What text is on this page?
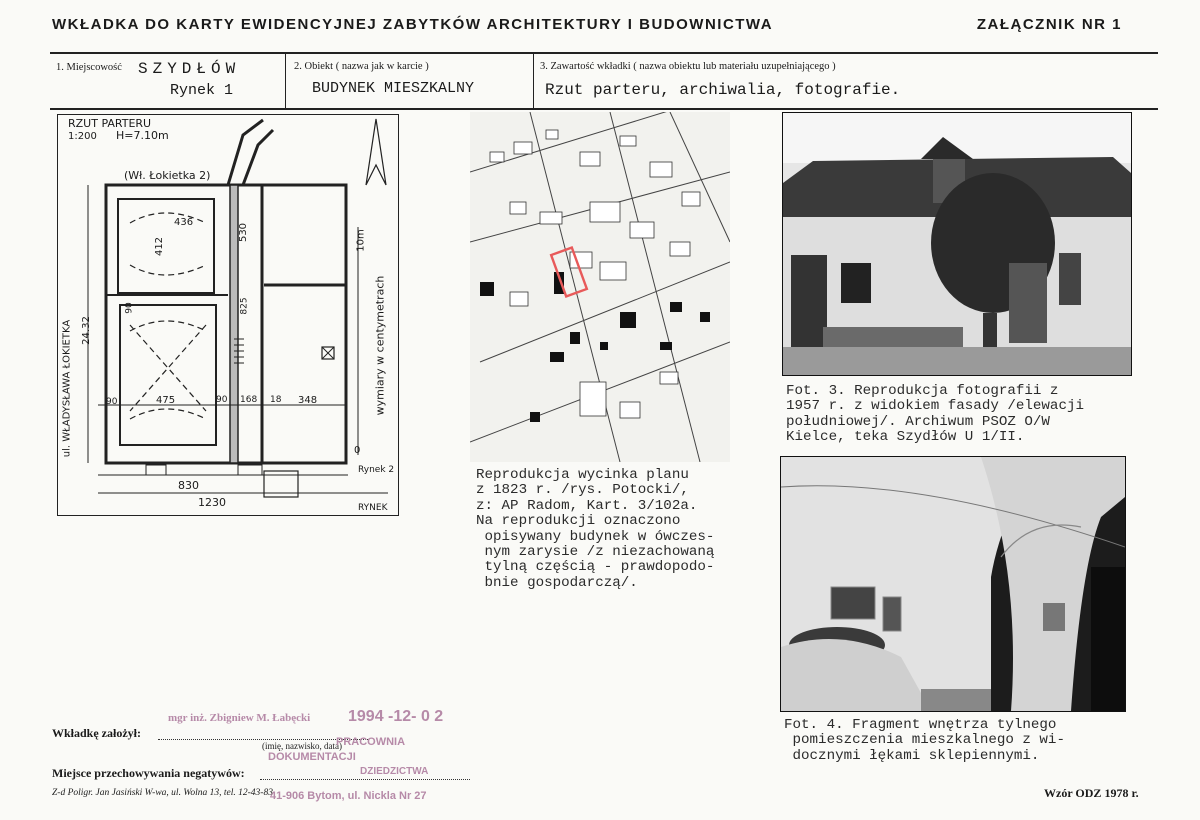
WKŁADKA DO KARTY EWIDENCYJNEJ ZABYTKÓW ARCHITEKTURY I BUDOWNICTWA	ZAŁĄCZNIK NR 1
1. Miejscowość SZYDŁÓW
Rynek 1
2. Obiekt ( nazwa jak w karcie )
BUDYNEK MIESZKALNY
3. Zawartość wkładki ( nazwa obiektu lub materiału uzupełniającego )
Rzut parteru, archiwalia, fotografie.
RZUT PARTERU
1:200 H=7.10m
(Wł. Łokietka 2)
ul. WŁADYSŁAWA ŁOKIETKA 24.32	wymiary w centymetrach
10m
0
Rynek 2
RYNEK
436
412
530
825
475
90	90 168 18 348
90
830
1230
Reprodukcja wycinka planu
z 1823 r. /rys. Potocki/,
z: AP Radom, Kart. 3/102a.
Na reprodukcji oznaczono
opisywany budynek w ówczes-
nym zarysie /z niezachowaną
tylną częścią - prawdopodo-
bnie gospodarczą/.
Fot. 3. Reprodukcja fotografii z
1957 r. z widokiem fasady /elewacji
południowej/. Archiwum PSOZ O/W
Kielce, teka Szydłów U 1/II.
Fot. 4. Fragment wnętrza tylnego
pomieszczenia mieszkalnego z wi-
docznymi łękami sklepiennymi.
Wkładkę założył:
(imię, nazwisko, data)
Miejsce przechowywania negatywów:
Z-d Poligr. Jan Jasiński W-wa, ul. Wolna 13, tel. 12-43-83	Wzór ODZ 1978 r.
mgr inż. Zbigniew M. Łabęcki 1994 -12- 0 2
PRACOWNIA
DOKUMENTACJI
DZIEDZICTWA
41-906 Bytom, ul. Nickla Nr 27
